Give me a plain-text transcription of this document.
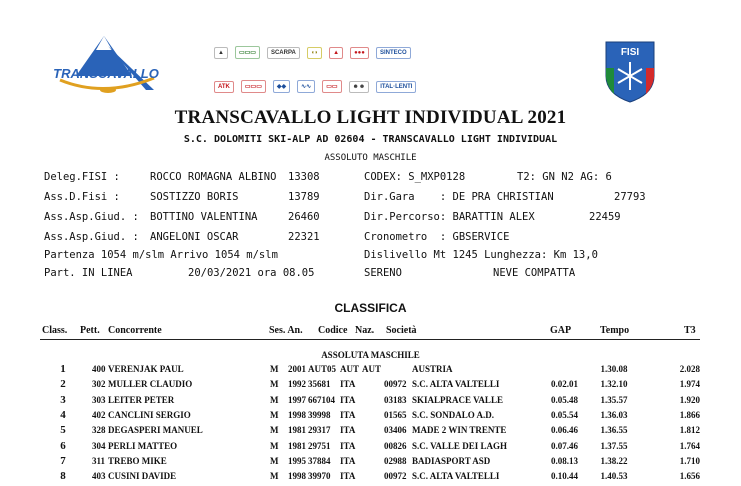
TRANSCAVALLO
▲	▭▭▭	SCARPA	◖◗	▲	●●●	SINTECO
ATK	▭▭▭	◆◆	∿∿	▭▭	☻☻	ITAL·LENTI
FISI
TRANSCAVALLO LIGHT INDIVIDUAL 2021
S.C. DOLOMITI SKI-ALP AD 02604 - TRANSCAVALLO LIGHT INDIVIDUAL
ASSOLUTO MASCHILE
Deleg.FISI :	ROCCO ROMAGNA ALBINO 13308
Ass.D.Fisi :	SOSTIZZO BORIS	13789
Ass.Asp.Giud. : BOTTINO VALENTINA	26460
Ass.Asp.Giud. : ANGELONI OSCAR	22321
CODEX: S_MXP0128	T2: GN N2 AG: 6
Dir.Gara    : DE PRA CHRISTIAN	27793
Dir.Percorso: BARATTIN ALEX	22459
Cronometro  : GBSERVICE
Partenza 1054 m/slm Arrivo 1054 m/slm	Dislivello Mt 1245 Lunghezza: Km 13,0
Part. IN LINEA	20/03/2021 ora 08.05	SERENO	NEVE COMPATTA
CLASSIFICA
Class. Pett. Concorrente	Ses. An. Codice Naz. Società	GAP	Tempo	T3
ASSOLUTA MASCHILE
1	400 VERENJAK PAUL	M 2001 AUT05 AUT AUT	AUSTRIA	1.30.08	2.028
2	302 MULLER CLAUDIO	M 1992 35681 ITA	00972 S.C. ALTA VALTELLI	0.02.01	1.32.10	1.974
3	303 LEITER PETER	M 1997 667104 ITA	03183 SKIALPRACE VALLE	0.05.48	1.35.57	1.920
4	402 CANCLINI SERGIO	M 1998 39998 ITA	01565 S.C. SONDALO A.D.	0.05.54	1.36.03	1.866
5	328 DEGASPERI MANUEL	M 1981 29317 ITA	03406 MADE 2 WIN TRENTE	0.06.46	1.36.55	1.812
6	304 PERLI MATTEO	M 1981 29751 ITA	00826 S.C. VALLE DEI LAGH	0.07.46	1.37.55	1.764
7	311 TREBO MIKE	M 1995 37884 ITA	02988 BADIASPORT ASD	0.08.13	1.38.22	1.710
8	403 CUSINI DAVIDE	M 1998 39970 ITA	00972 S.C. ALTA VALTELLI	0.10.44	1.40.53	1.656
